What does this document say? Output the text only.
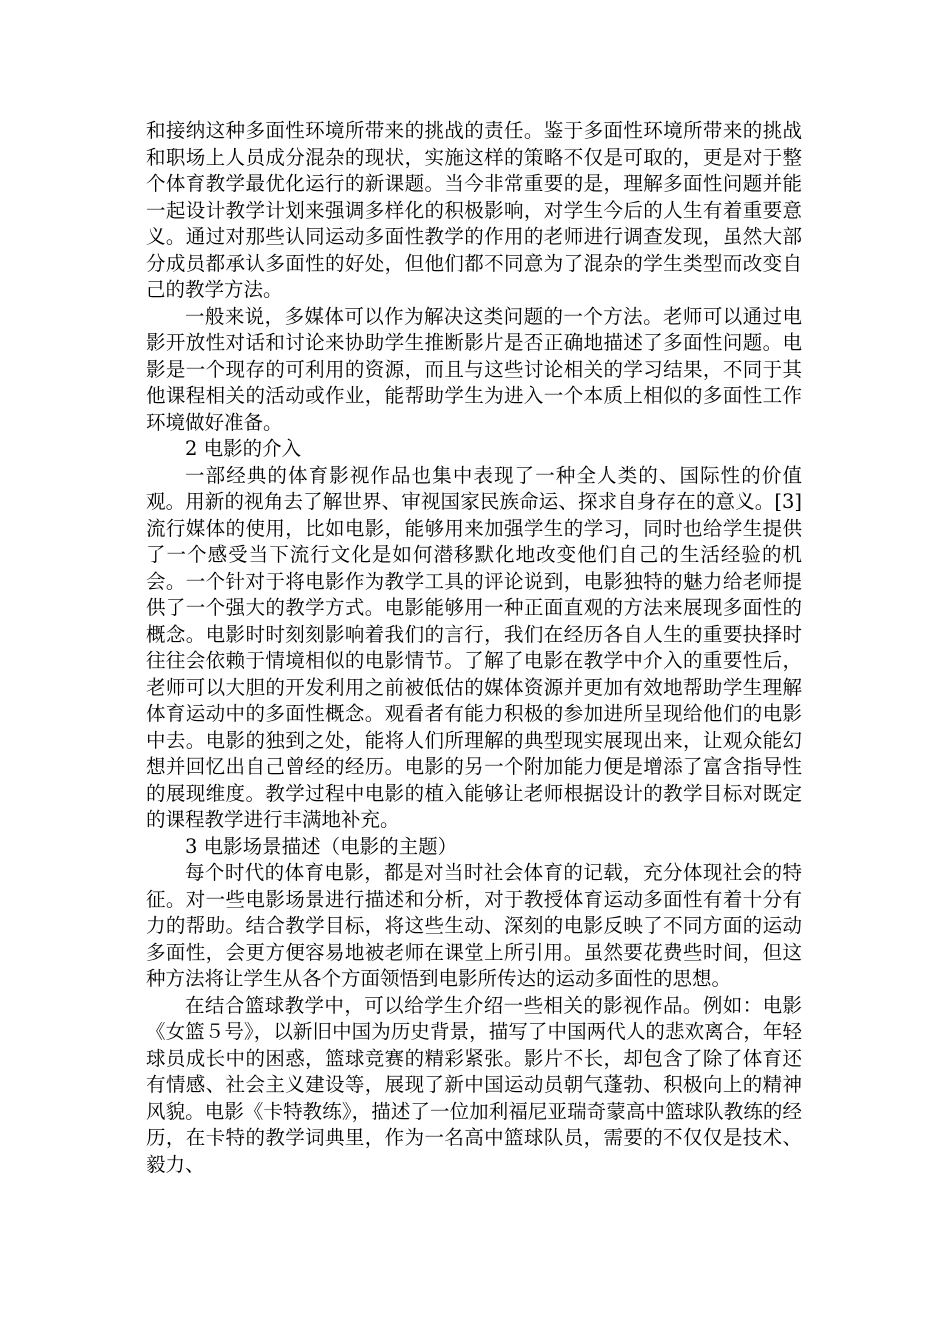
和接纳这种多面性环境所带来的挑战的责任。鉴于多面性环境所带来的挑战和职场上人员成分混杂的现状，实施这样的策略不仅是可取的，更是对于整个体育教学最优化运行的新课题。当今非常重要的是，理解多面性问题并能一起设计教学计划来强调多样化的积极影响，对学生今后的人生有着重要意义。通过对那些认同运动多面性教学的作用的老师进行调查发现，虽然大部分成员都承认多面性的好处，但他们都不同意为了混杂的学生类型而改变自己的教学方法。

一般来说，多媒体可以作为解决这类问题的一个方法。老师可以通过电影开放性对话和讨论来协助学生推断影片是否正确地描述了多面性问题。电影是一个现存的可利用的资源，而且与这些讨论相关的学习结果，不同于其他课程相关的活动或作业，能帮助学生为进入一个本质上相似的多面性工作环境做好准备。

2 电影的介入

一部经典的体育影视作品也集中表现了一种全人类的、国际性的价值观。用新的视角去了解世界、审视国家民族命运、探求自身存在的意义。[3]流行媒体的使用，比如电影，能够用来加强学生的学习，同时也给学生提供了一个感受当下流行文化是如何潜移默化地改变他们自己的生活经验的机会。一个针对于将电影作为教学工具的评论说到，电影独特的魅力给老师提供了一个强大的教学方式。电影能够用一种正面直观的方法来展现多面性的概念。电影时时刻刻影响着我们的言行，我们在经历各自人生的重要抉择时往往会依赖于情境相似的电影情节。了解了电影在教学中介入的重要性后，老师可以大胆的开发利用之前被低估的媒体资源并更加有效地帮助学生理解体育运动中的多面性概念。观看者有能力积极的参加进所呈现给他们的电影中去。电影的独到之处，能将人们所理解的典型现实展现出来，让观众能幻想并回忆出自己曾经的经历。电影的另一个附加能力便是增添了富含指导性的展现维度。教学过程中电影的植入能够让老师根据设计的教学目标对既定的课程教学进行丰满地补充。

3 电影场景描述（电影的主题）

每个时代的体育电影，都是对当时社会体育的记载，充分体现社会的特征。对一些电影场景进行描述和分析，对于教授体育运动多面性有着十分有力的帮助。结合教学目标，将这些生动、深刻的电影反映了不同方面的运动多面性，会更方便容易地被老师在课堂上所引用。虽然要花费些时间，但这种方法将让学生从各个方面领悟到电影所传达的运动多面性的思想。

在结合篮球教学中，可以给学生介绍一些相关的影视作品。例如：电影《女篮５号》，以新旧中国为历史背景，描写了中国两代人的悲欢离合，年轻球员成长中的困惑，篮球竞赛的精彩紧张。影片不长，却包含了除了体育还有情感、社会主义建设等，展现了新中国运动员朝气蓬勃、积极向上的精神风貌。电影《卡特教练》，描述了一位加利福尼亚瑞奇蒙高中篮球队教练的经历，在卡特的教学词典里，作为一名高中篮球队员，需要的不仅仅是技术、毅力、
